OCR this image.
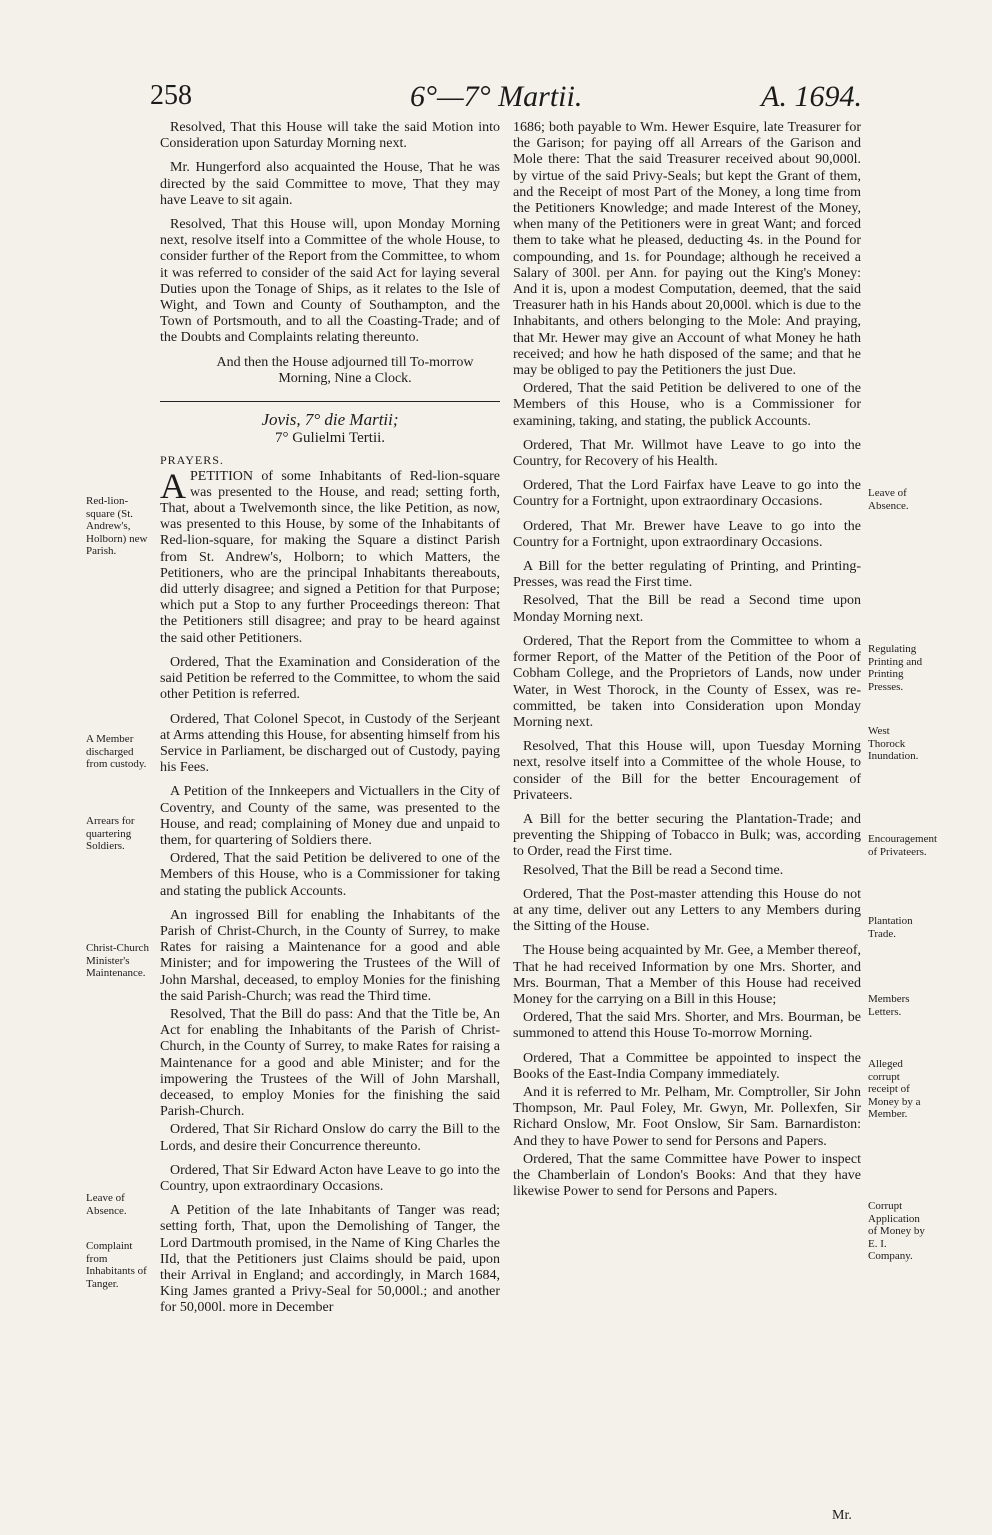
258	6°—7° Martii.	A. 1694.

Resolved, That this House will take the said Motion into Consideration upon Saturday Morning next.

Mr. Hungerford also acquainted the House, That he was directed by the said Committee to move, That they may have Leave to sit again.

Resolved, That this House will, upon Monday Morning next, resolve itself into a Committee of the whole House, to consider further of the Report from the Committee, to whom it was referred to consider of the said Act for laying several Duties upon the Tonage of Ships, as it relates to the Isle of Wight, and Town and County of Southampton, and the Town of Portsmouth, and to all the Coasting-Trade; and of the Doubts and Complaints relating thereunto.

And then the House adjourned till To-morrow Morning, Nine a Clock.

Jovis, 7° die Martii;

7° Gulielmi Tertii.

PRAYERS.

APETITION of some Inhabitants of Red-lion-square was presented to the House, and read; setting forth, That, about a Twelvemonth since, the like Petition, as now, was presented to this House, by some of the Inhabitants of Red-lion-square, for making the Square a distinct Parish from St. Andrew's, Holborn; to which Matters, the Petitioners, who are the principal Inhabitants thereabouts, did utterly disagree; and signed a Petition for that Purpose; which put a Stop to any further Proceedings thereon: That the Petitioners still disagree; and pray to be heard against the said other Petitioners.

Ordered, That the Examination and Consideration of the said Petition be referred to the Committee, to whom the said other Petition is referred.

Ordered, That Colonel Specot, in Custody of the Serjeant at Arms attending this House, for absenting himself from his Service in Parliament, be discharged out of Custody, paying his Fees.

A Petition of the Innkeepers and Victuallers in the City of Coventry, and County of the same, was presented to the House, and read; complaining of Money due and unpaid to them, for quartering of Soldiers there.

Ordered, That the said Petition be delivered to one of the Members of this House, who is a Commissioner for taking and stating the publick Accounts.

An ingrossed Bill for enabling the Inhabitants of the Parish of Christ-Church, in the County of Surrey, to make Rates for raising a Maintenance for a good and able Minister; and for impowering the Trustees of the Will of John Marshal, deceased, to employ Monies for the finishing the said Parish-Church; was read the Third time.

Resolved, That the Bill do pass: And that the Title be, An Act for enabling the Inhabitants of the Parish of Christ-Church, in the County of Surrey, to make Rates for raising a Maintenance for a good and able Minister; and for the impowering the Trustees of the Will of John Marshall, deceased, to employ Monies for the finishing the said Parish-Church.

Ordered, That Sir Richard Onslow do carry the Bill to the Lords, and desire their Concurrence thereunto.

Ordered, That Sir Edward Acton have Leave to go into the Country, upon extraordinary Occasions.

A Petition of the late Inhabitants of Tanger was read; setting forth, That, upon the Demolishing of Tanger, the Lord Dartmouth promised, in the Name of King Charles the IId, that the Petitioners just Claims should be paid, upon their Arrival in England; and accordingly, in March 1684, King James granted a Privy-Seal for 50,000l.; and another for 50,000l. more in December

1686; both payable to Wm. Hewer Esquire, late Treasurer for the Garison; for paying off all Arrears of the Garison and Mole there: That the said Treasurer received about 90,000l. by virtue of the said Privy-Seals; but kept the Grant of them, and the Receipt of most Part of the Money, a long time from the Petitioners Knowledge; and made Interest of the Money, when many of the Petitioners were in great Want; and forced them to take what he pleased, deducting 4s. in the Pound for compounding, and 1s. for Poundage; although he received a Salary of 300l. per Ann. for paying out the King's Money: And it is, upon a modest Computation, deemed, that the said Treasurer hath in his Hands about 20,000l. which is due to the Inhabitants, and others belonging to the Mole: And praying, that Mr. Hewer may give an Account of what Money he hath received; and how he hath disposed of the same; and that he may be obliged to pay the Petitioners the just Due.

Ordered, That the said Petition be delivered to one of the Members of this House, who is a Commissioner for examining, taking, and stating, the publick Accounts.

Ordered, That Mr. Willmot have Leave to go into the Country, for Recovery of his Health.

Ordered, That the Lord Fairfax have Leave to go into the Country for a Fortnight, upon extraordinary Occasions.

Ordered, That Mr. Brewer have Leave to go into the Country for a Fortnight, upon extraordinary Occasions.

A Bill for the better regulating of Printing, and Printing-Presses, was read the First time.

Resolved, That the Bill be read a Second time upon Monday Morning next.

Ordered, That the Report from the Committee to whom a former Report, of the Matter of the Petition of the Poor of Cobham College, and the Proprietors of Lands, now under Water, in West Thorock, in the County of Essex, was re-committed, be taken into Consideration upon Monday Morning next.

Resolved, That this House will, upon Tuesday Morning next, resolve itself into a Committee of the whole House, to consider of the Bill for the better Encouragement of Privateers.

A Bill for the better securing the Plantation-Trade; and preventing the Shipping of Tobacco in Bulk; was, according to Order, read the First time.

Resolved, That the Bill be read a Second time.

Ordered, That the Post-master attending this House do not at any time, deliver out any Letters to any Members during the Sitting of the House.

The House being acquainted by Mr. Gee, a Member thereof, That he had received Information by one Mrs. Shorter, and Mrs. Bourman, That a Member of this House had received Money for the carrying on a Bill in this House;

Ordered, That the said Mrs. Shorter, and Mrs. Bourman, be summoned to attend this House To-morrow Morning.

Ordered, That a Committee be appointed to inspect the Books of the East-India Company immediately.

And it is referred to Mr. Pelham, Mr. Comptroller, Sir John Thompson, Mr. Paul Foley, Mr. Gwyn, Mr. Pollexfen, Sir Richard Onslow, Mr. Foot Onslow, Sir Sam. Barnardiston: And they to have Power to send for Persons and Papers.

Ordered, That the same Committee have Power to inspect the Chamberlain of London's Books: And that they have likewise Power to send for Persons and Papers.

Red-lion-square (St. Andrew's, Holborn) new Parish.
A Member discharged from custody.
Arrears for quartering Soldiers.
Christ-Church Minister's Maintenance.
Leave of Absence.
Complaint from Inhabitants of Tanger.
Leave of Absence.
Regulating Printing and Printing Presses.
West Thorock Inundation.
Encouragement of Privateers.
Plantation Trade.
Members Letters.
Alleged corrupt receipt of Money by a Member.
Corrupt Application of Money by E. I. Company.
Mr.
